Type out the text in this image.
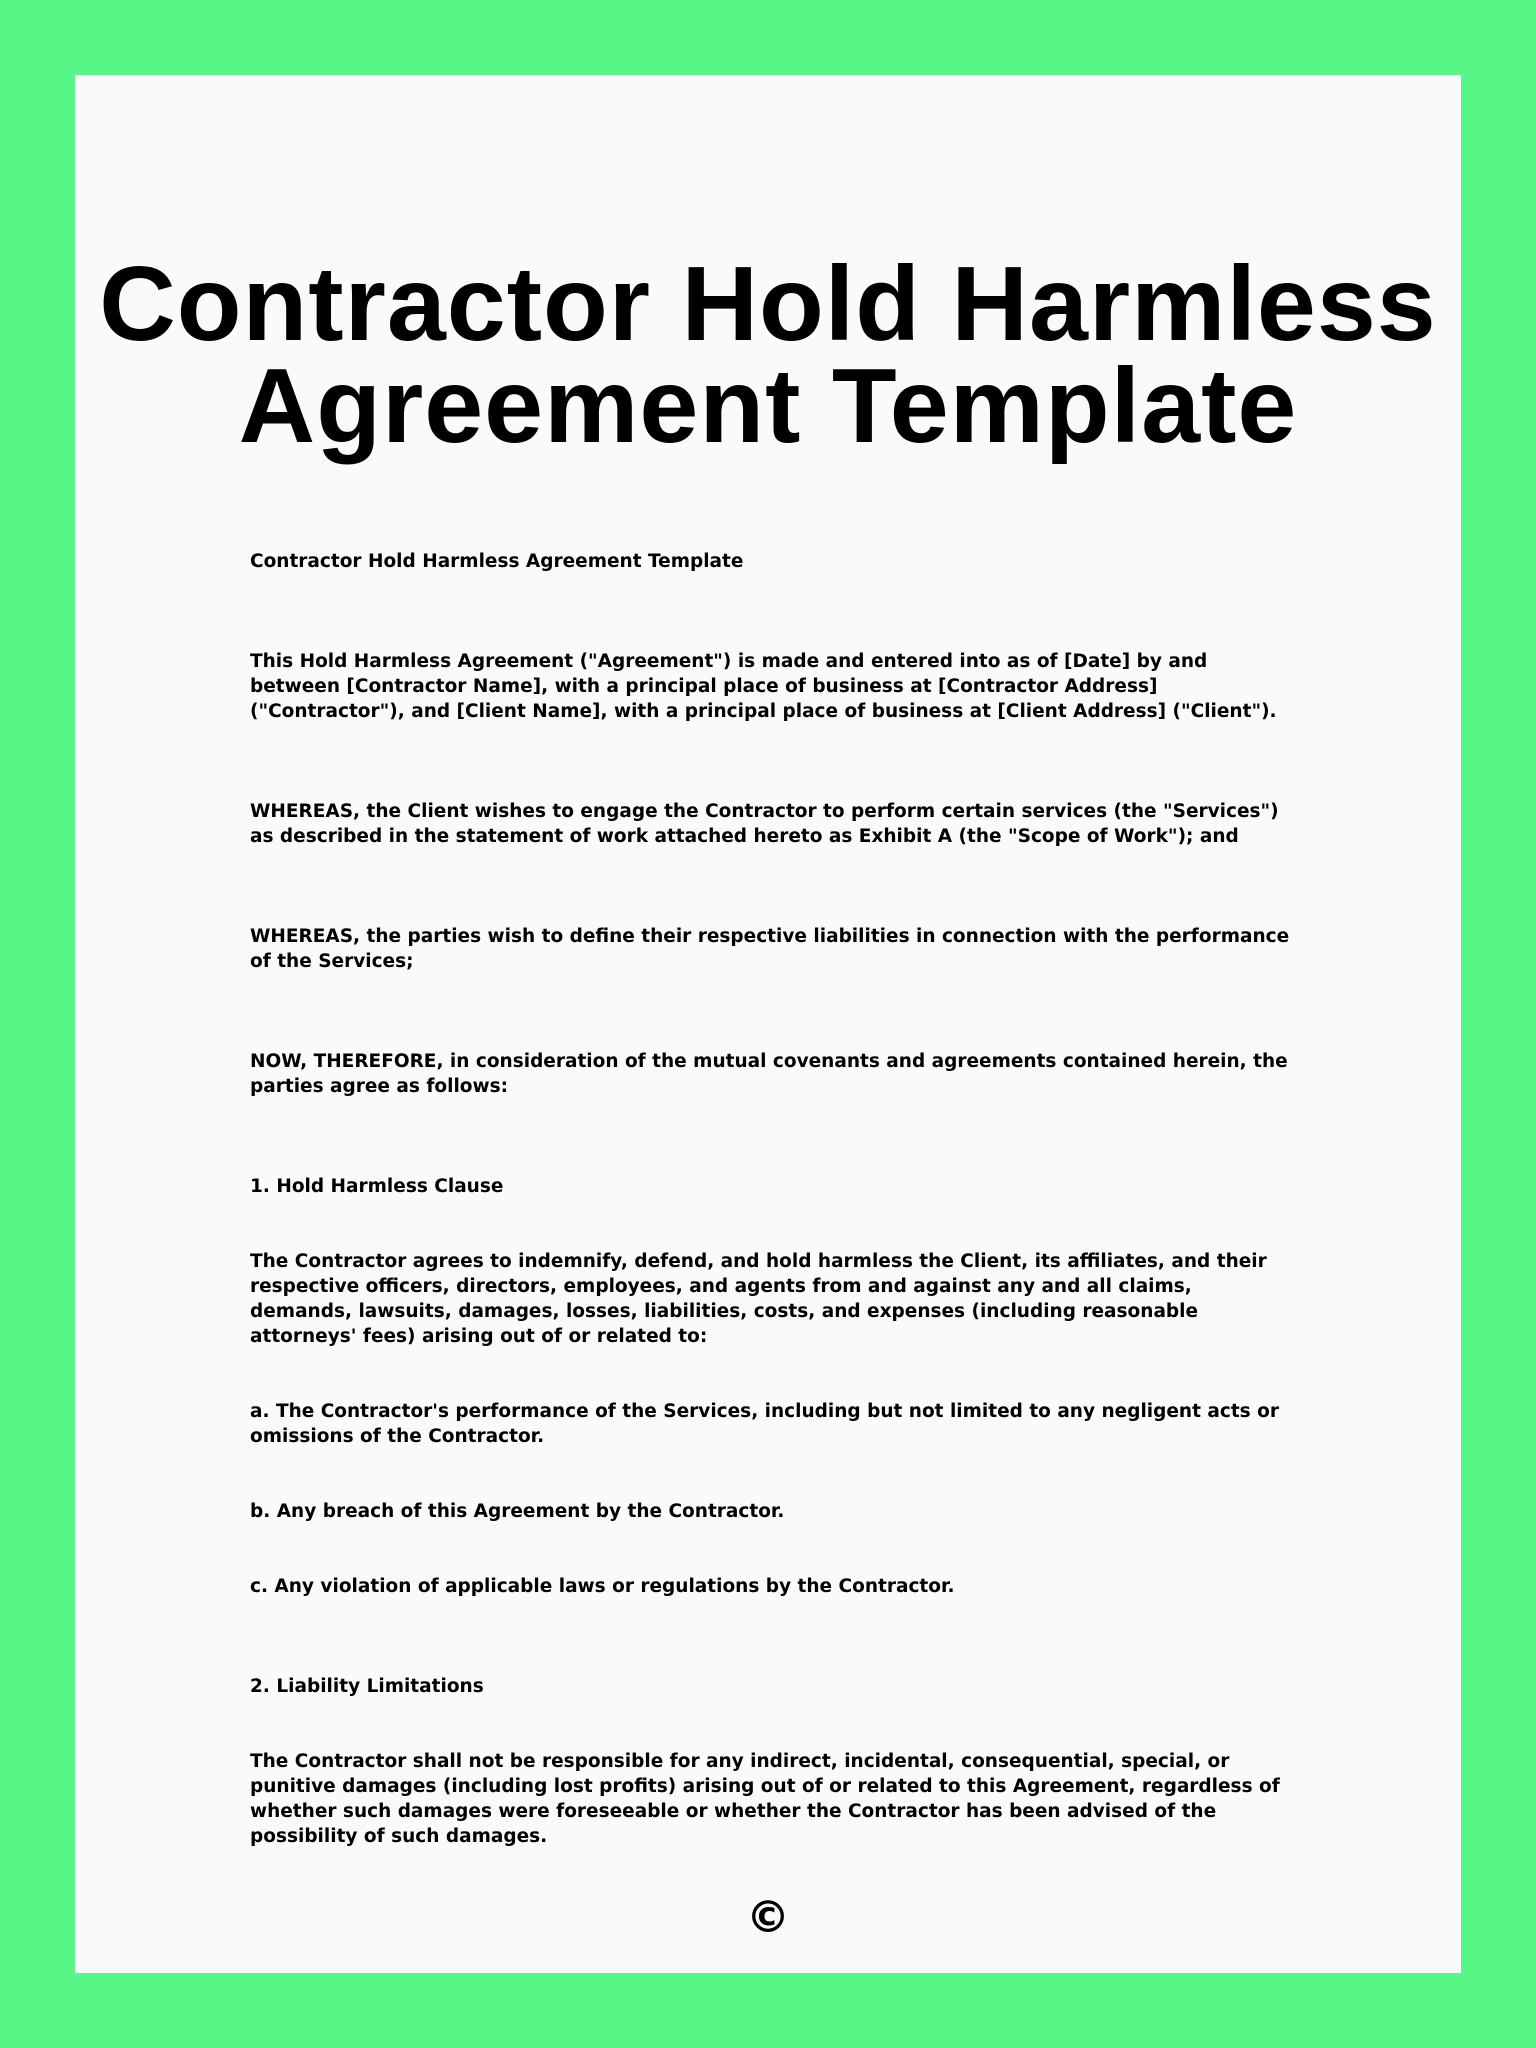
Contractor Hold Harmless
Agreement Template

Contractor Hold Harmless Agreement Template

This Hold Harmless Agreement ("Agreement") is made and entered into as of [Date] by and between [Contractor Name], with a principal place of business at [Contractor Address] ("Contractor"), and [Client Name], with a principal place of business at [Client Address] ("Client").

WHEREAS, the Client wishes to engage the Contractor to perform certain services (the "Services") as described in the statement of work attached hereto as Exhibit A (the "Scope of Work"); and

WHEREAS, the parties wish to define their respective liabilities in connection with the performance of the Services;

NOW, THEREFORE, in consideration of the mutual covenants and agreements contained herein, the parties agree as follows:

1. Hold Harmless Clause

The Contractor agrees to indemnify, defend, and hold harmless the Client, its affiliates, and their respective officers, directors, employees, and agents from and against any and all claims, demands, lawsuits, damages, losses, liabilities, costs, and expenses (including reasonable attorneys' fees) arising out of or related to:

a. The Contractor's performance of the Services, including but not limited to any negligent acts or omissions of the Contractor.

b. Any breach of this Agreement by the Contractor.

c. Any violation of applicable laws or regulations by the Contractor.

2. Liability Limitations

The Contractor shall not be responsible for any indirect, incidental, consequential, special, or punitive damages (including lost profits) arising out of or related to this Agreement, regardless of whether such damages were foreseeable or whether the Contractor has been advised of the possibility of such damages.

©
